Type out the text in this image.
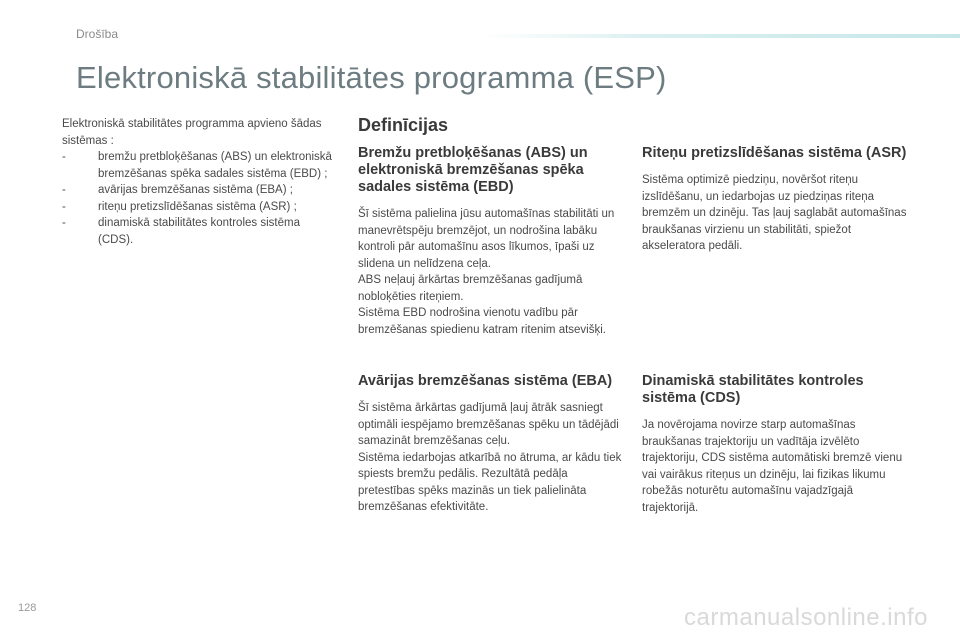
Drošība
Elektroniskā stabilitātes programma (ESP)

Elektroniskā stabilitātes programma apvieno šādas sistēmas :

- bremžu pretbloķēšanas (ABS) un elektroniskā bremzēšanas spēka sadales sistēma (EBD) ;
- avārijas bremzēšanas sistēma (EBA) ;
- riteņu pretizslīdēšanas sistēma (ASR) ;
- dinamiskā stabilitātes kontroles sistēma (CDS).
Definīcijas
Bremžu pretbloķēšanas (ABS) un elektroniskā bremzēšanas spēka sadales sistēma (EBD)

Šī sistēma palielina jūsu automašīnas stabilitāti un manevrētspēju bremzējot, un nodrošina labāku kontroli pār automašīnu asos līkumos, īpaši uz slidena un nelīdzena ceļa.
ABS neļauj ārkārtas bremzēšanas gadījumā nobloķēties riteņiem.
Sistēma EBD nodrošina vienotu vadību pār bremzēšanas spiedienu katram ritenim atsevišķi.

Riteņu pretizslīdēšanas sistēma (ASR)

Sistēma optimizē piedziņu, novēršot riteņu izslīdēšanu, un iedarbojas uz piedziņas riteņa bremzēm un dzinēju. Tas ļauj saglabāt automašīnas braukšanas virzienu un stabilitāti, spiežot akseleratora pedāli.

Avārijas bremzēšanas sistēma (EBA)

Šī sistēma ārkārtas gadījumā ļauj ātrāk sasniegt optimāli iespējamo bremzēšanas spēku un tādējādi samazināt bremzēšanas ceļu.
Sistēma iedarbojas atkarībā no ātruma, ar kādu tiek spiests bremžu pedālis. Rezultātā pedāļa pretestības spēks mazinās un tiek palielināta bremzēšanas efektivitāte.

Dinamiskā stabilitātes kontroles sistēma (CDS)

Ja novērojama novirze starp automašīnas braukšanas trajektoriju un vadītāja izvēlēto trajektoriju, CDS sistēma automātiski bremzē vienu vai vairākus riteņus un dzinēju, lai fizikas likumu robežās noturētu automašīnu vajadzīgajā trajektorijā.

128	carmanualsonline.info
